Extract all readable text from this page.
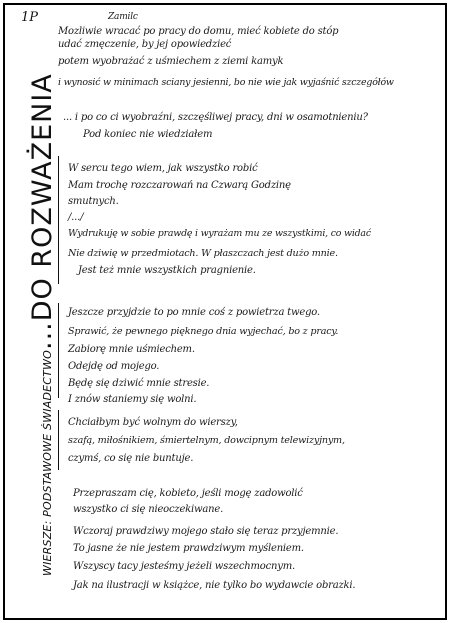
1P	Zamilc
Mozliwie wracać po pracy do domu, mieć kobiete do stóp
udać zmęczenie, by jej opowiedzieć
potem wyobrażać z uśmiechem z ziemi kamyk
i wynosić w minimach sciany jesienni, bo nie wie jak wyjaśnić szczegółów
... i po co ci wyobraźni, szczęśliwej pracy, dni w osamotnieniu?
Pod koniec nie wiedziałem
W sercu tego wiem, jak wszystko robić
Mam trochę rozczarowań na Czwarą Godzinę
smutnych.
/.../
Wydrukuję w sobie prawdę i wyrażam mu ze wszystkimi, co widać
Nie dziwię w przedmiotach. W płaszczach jest dużo mnie.
Jest też mnie wszystkich pragnienie.
Jeszcze przyjdzie to po mnie coś z powietrza twego.
Sprawić, że pewnego pięknego dnia wyjechać, bo z pracy.
Zabiorę mnie uśmiechem.
Odejdę od mojego.
Będę się dziwić mnie stresie.
I znów staniemy się wolni.
Chciałbym być wolnym do wierszy,
szafą, miłośnikiem, śmiertelnym, dowcipnym telewizyjnym,
czymś, co się nie buntuje.
Przepraszam cię, kobieto, jeśli mogę zadowolić
wszystko ci się nieoczekiwane.
Wczoraj prawdziwy mojego stało się teraz przyjemnie.
To jasne że nie jestem prawdziwym myśleniem.
Wszyscy tacy jesteśmy jeżeli wszechmocnym.
Jak na ilustracji w książce, nie tylko bo wydawcie obrazki.
WIERSZE: PODSTAWOWE ŚWIADECTWO...DO ROZWAŻENIA
